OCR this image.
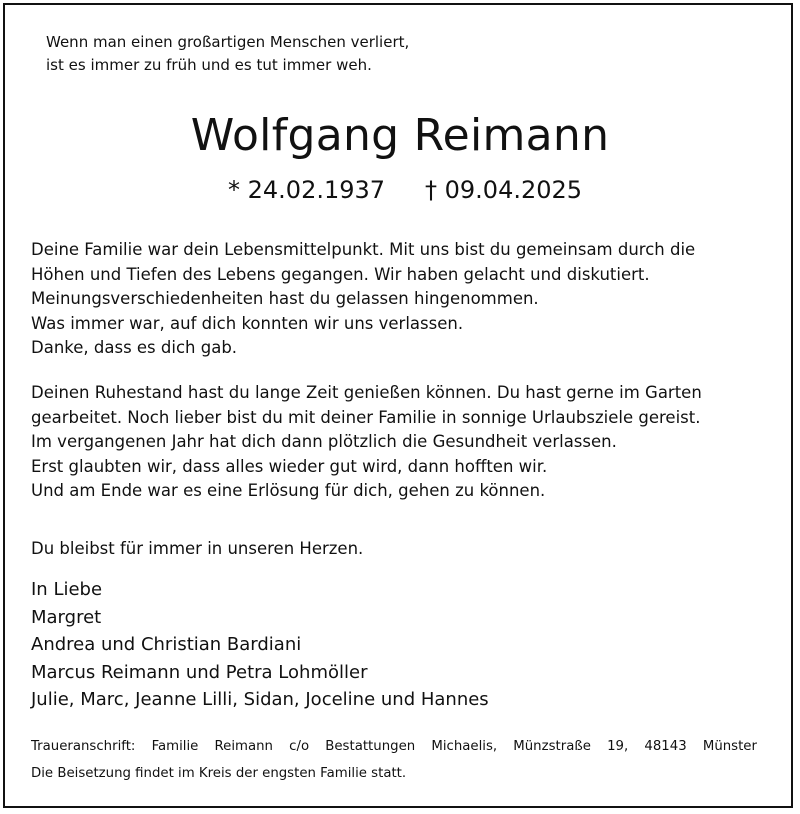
Wenn man einen großartigen Menschen verliert,
ist es immer zu früh und es tut immer weh.
Wolfgang Reimann
* 24.02.1937 † 09.04.2025
Deine Familie war dein Lebensmittelpunkt. Mit uns bist du gemeinsam durch die
Höhen und Tiefen des Lebens gegangen. Wir haben gelacht und diskutiert.
Meinungsverschiedenheiten hast du gelassen hingenommen.
Was immer war, auf dich konnten wir uns verlassen.
Danke, dass es dich gab.
Deinen Ruhestand hast du lange Zeit genießen können. Du hast gerne im Garten
gearbeitet. Noch lieber bist du mit deiner Familie in sonnige Urlaubsziele gereist.
Im vergangenen Jahr hat dich dann plötzlich die Gesundheit verlassen.
Erst glaubten wir, dass alles wieder gut wird, dann hofften wir.
Und am Ende war es eine Erlösung für dich, gehen zu können.
Du bleibst für immer in unseren Herzen.
In Liebe
Margret
Andrea und Christian Bardiani
Marcus Reimann und Petra Lohmöller
Julie, Marc, Jeanne Lilli, Sidan, Joceline und Hannes
Traueranschrift: Familie Reimann c/o Bestattungen Michaelis, Münzstraße 19, 48143 Münster
Die Beisetzung findet im Kreis der engsten Familie statt.
